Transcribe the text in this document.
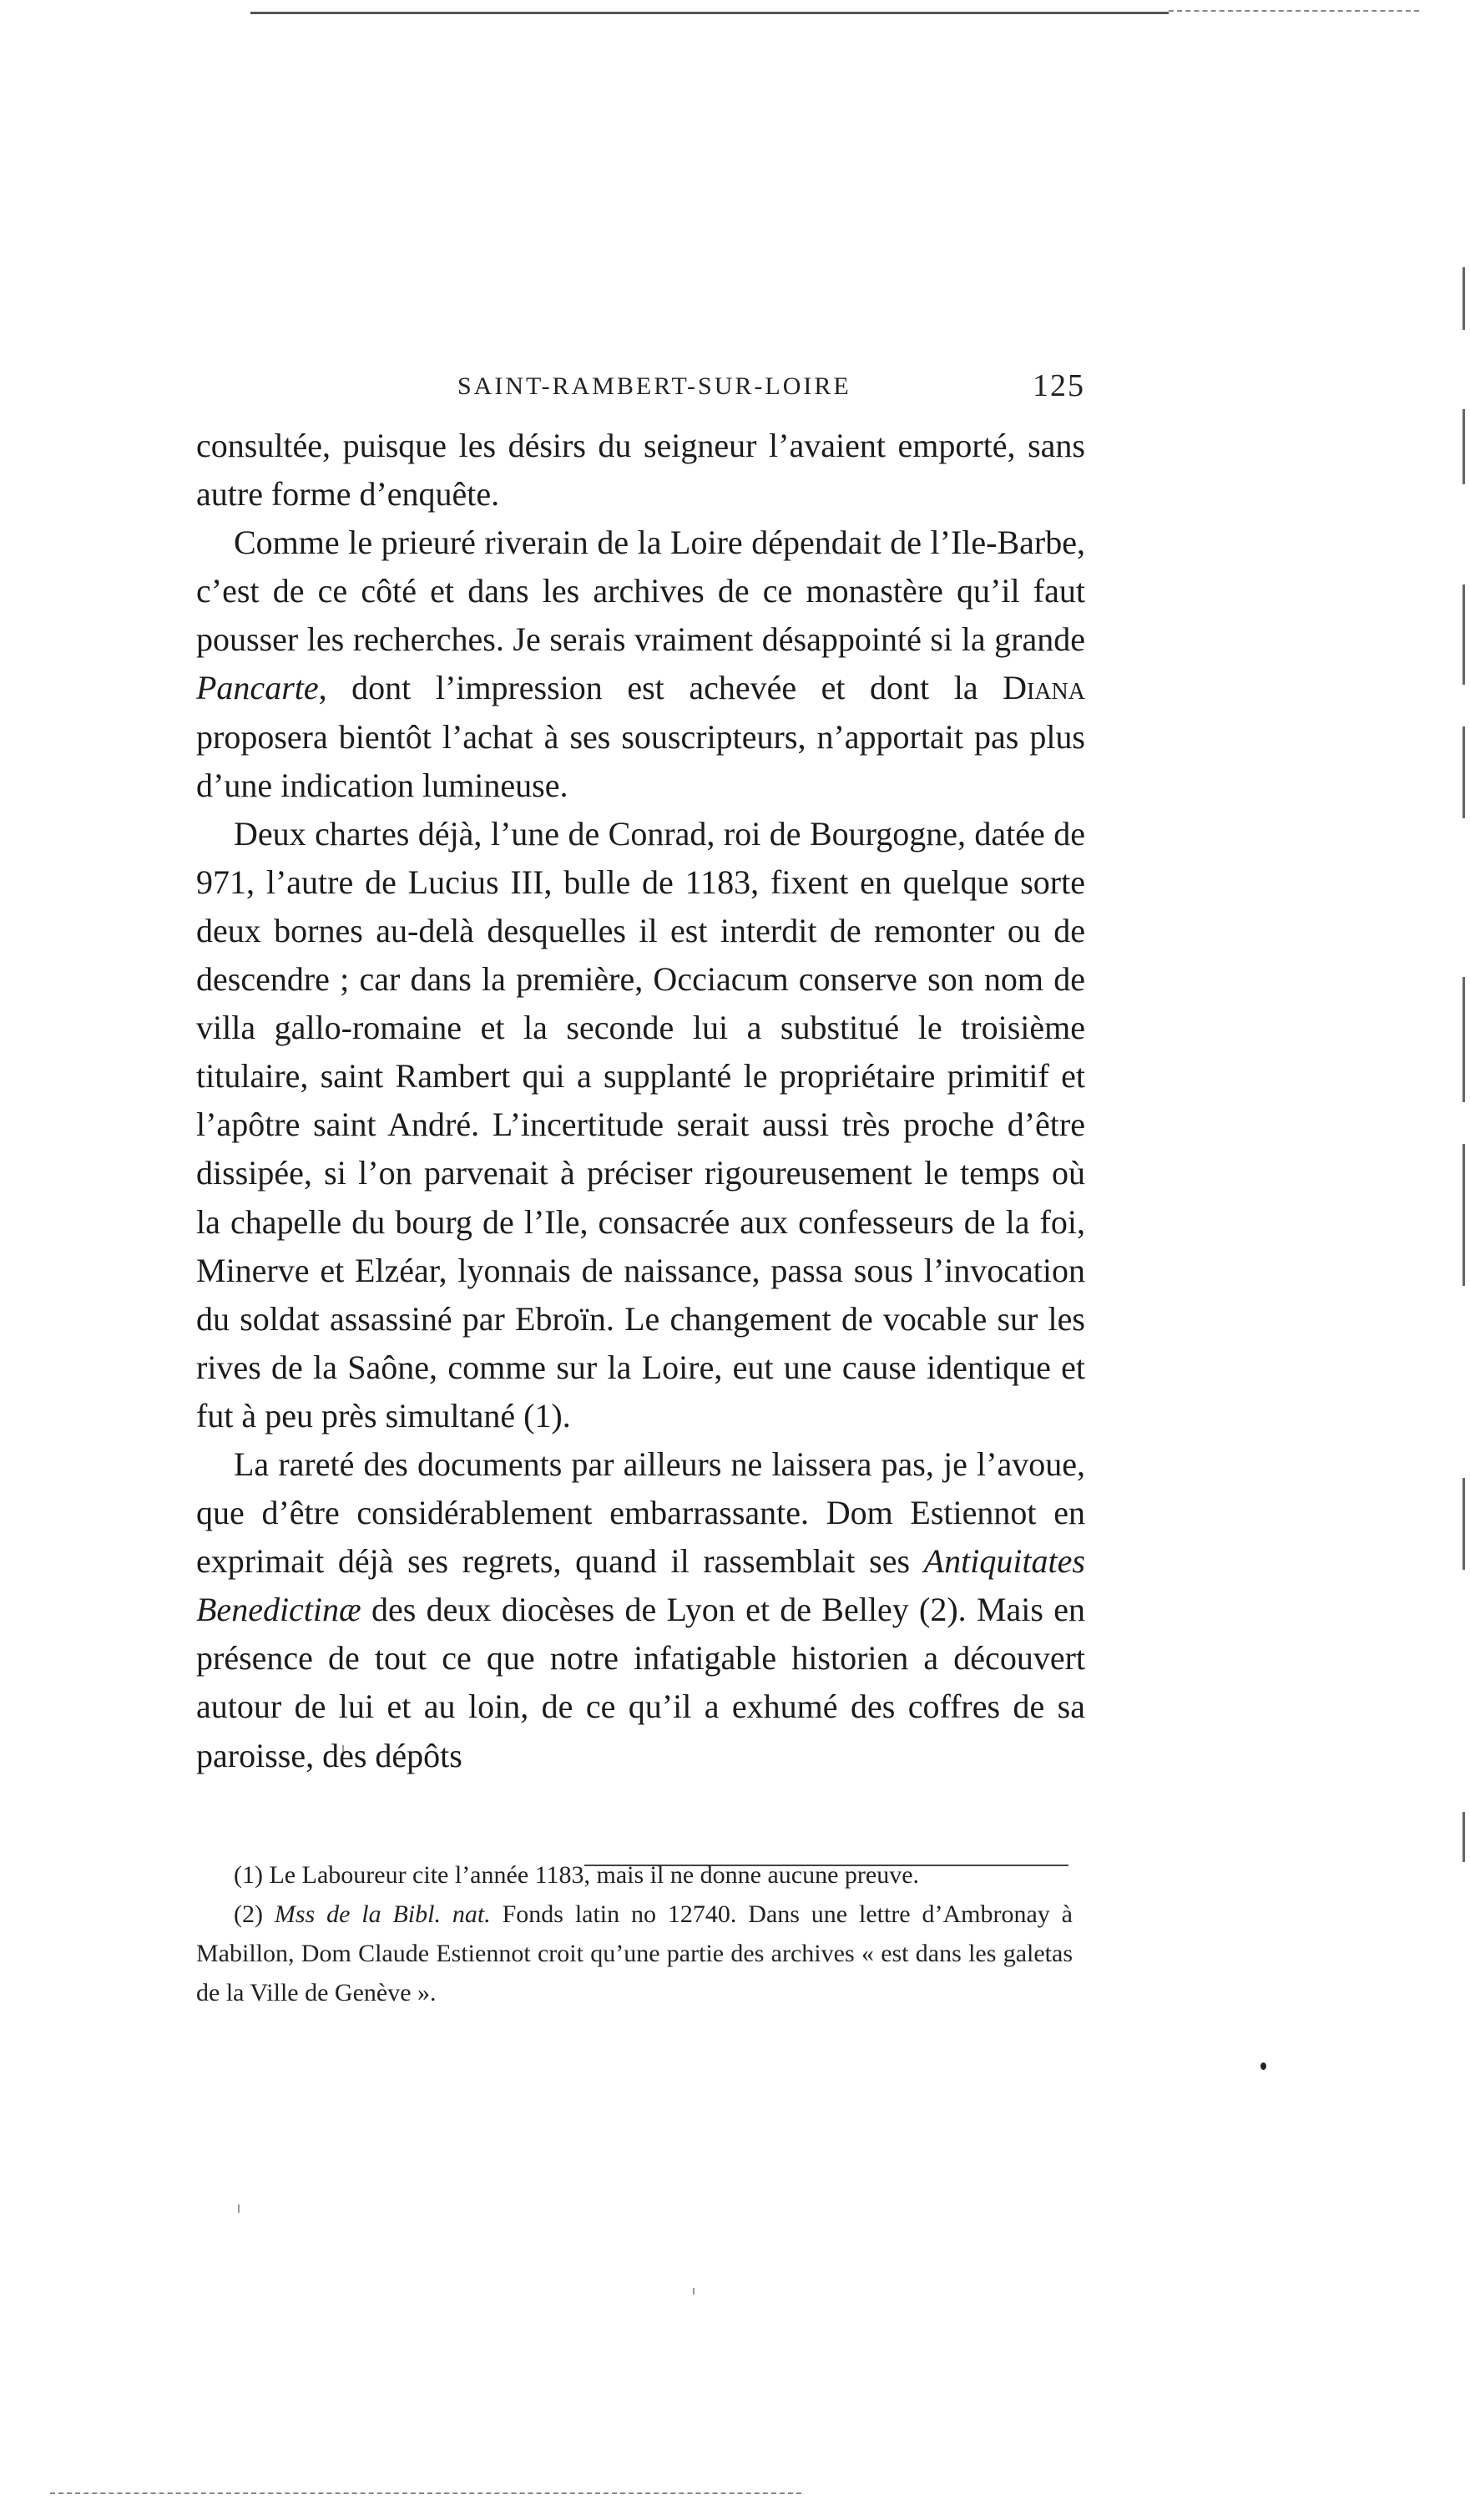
SAINT-RAMBERT-SUR-LOIRE	125

consultée, puisque les désirs du seigneur l’avaient emporté, sans autre forme d’enquête.

Comme le prieuré riverain de la Loire dépendait de l’Ile-Barbe, c’est de ce côté et dans les archives de ce monastère qu’il faut pousser les recherches. Je serais vraiment désappointé si la grande Pancarte, dont l’impression est achevée et dont la Diana proposera bientôt l’achat à ses souscripteurs, n’apportait pas plus d’une indication lumineuse.

Deux chartes déjà, l’une de Conrad, roi de Bourgogne, datée de 971, l’autre de Lucius III, bulle de 1183, fixent en quelque sorte deux bornes au-delà desquelles il est interdit de remonter ou de descendre ; car dans la première, Occiacum conserve son nom de villa gallo-romaine et la seconde lui a substitué le troisième titulaire, saint Rambert qui a supplanté le propriétaire primitif et l’apôtre saint André. L’incertitude serait aussi très proche d’être dissipée, si l’on parvenait à préciser rigoureusement le temps où la chapelle du bourg de l’Ile, consacrée aux confesseurs de la foi, Minerve et Elzéar, lyonnais de naissance, passa sous l’invocation du soldat assassiné par Ebroïn. Le changement de vocable sur les rives de la Saône, comme sur la Loire, eut une cause identique et fut à peu près simultané (1).

La rareté des documents par ailleurs ne laissera pas, je l’avoue, que d’être considérablement embarrassante. Dom Estiennot en exprimait déjà ses regrets, quand il rassemblait ses Antiquitates Benedictinæ des deux diocèses de Lyon et de Belley (2). Mais en présence de tout ce que notre infatigable historien a découvert autour de lui et au loin, de ce qu’il a exhumé des coffres de sa paroisse, des dépôts

(1) Le Laboureur cite l’année 1183, mais il ne donne aucune preuve.

(2) Mss de la Bibl. nat. Fonds latin no 12740. Dans une lettre d’Ambronay à Mabillon, Dom Claude Estiennot croit qu’une partie des archives « est dans les galetas de la Ville de Genève ».
